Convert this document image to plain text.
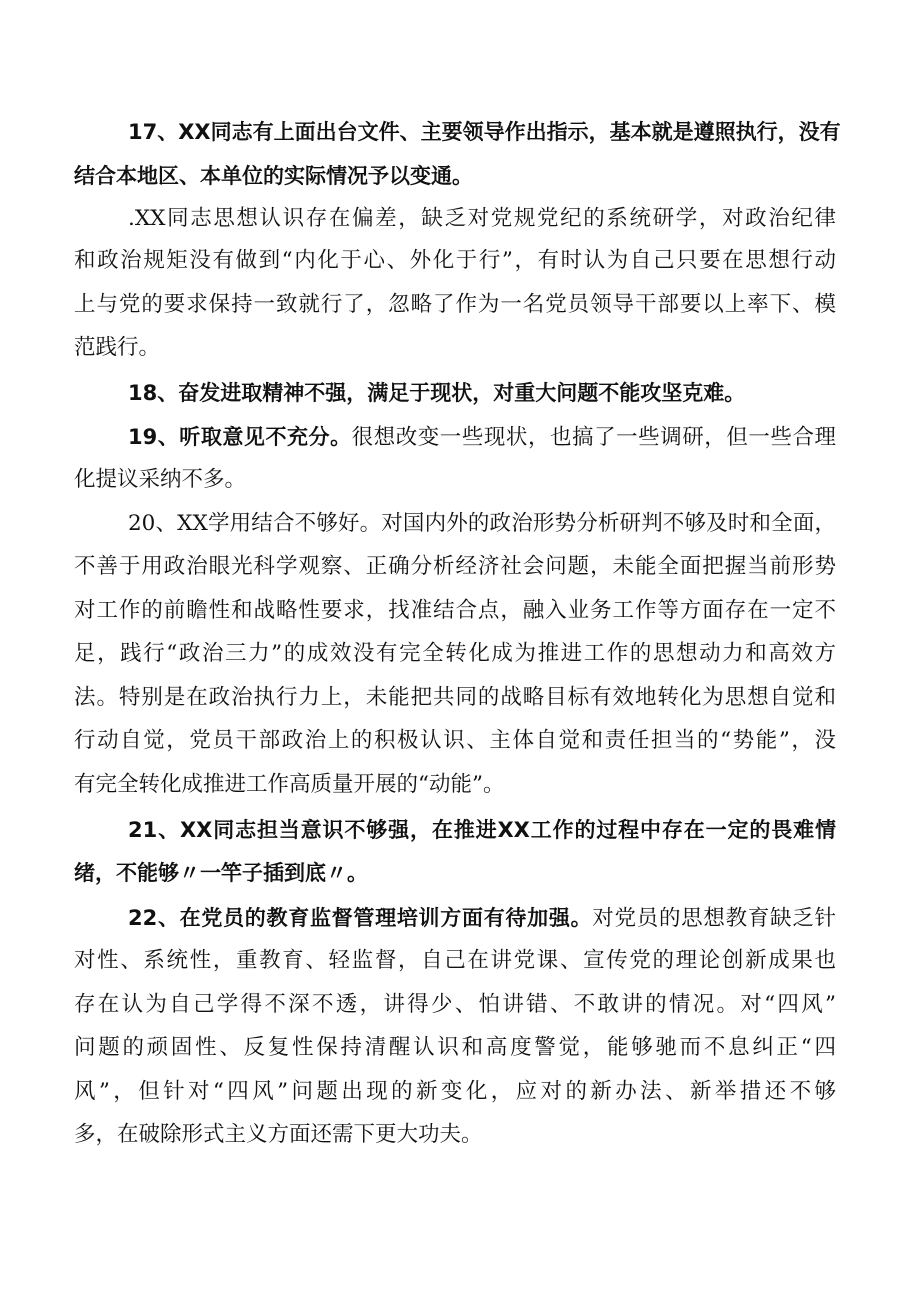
17、XX同志有上面出台文件、主要领导作出指示，基本就是遵照执行，没有
结合本地区、本单位的实际情况予以变通。
.XX同志思想认识存在偏差，缺乏对党规党纪的系统研学，对政治纪律
和政治规矩没有做到“内化于心、外化于行”，有时认为自己只要在思想行动
上与党的要求保持一致就行了，忽略了作为一名党员领导干部要以上率下、模
范践行。
18、奋发进取精神不强，满足于现状，对重大问题不能攻坚克难。
19、听取意见不充分。很想改变一些现状，也搞了一些调研，但一些合理
化提议采纳不多。
20、XX学用结合不够好。对国内外的政治形势分析研判不够及时和全面，
不善于用政治眼光科学观察、正确分析经济社会问题，未能全面把握当前形势
对工作的前瞻性和战略性要求，找准结合点，融入业务工作等方面存在一定不
足，践行“政治三力”的成效没有完全转化成为推进工作的思想动力和高效方
法。特别是在政治执行力上，未能把共同的战略目标有效地转化为思想自觉和
行动自觉，党员干部政治上的积极认识、主体自觉和责任担当的“势能”，没
有完全转化成推进工作高质量开展的“动能”。
21、XX同志担当意识不够强，在推进XX工作的过程中存在一定的畏难情
绪，不能够〃一竿子插到底〃。
22、在党员的教育监督管理培训方面有待加强。对党员的思想教育缺乏针
对性、系统性，重教育、轻监督，自己在讲党课、宣传党的理论创新成果也
存在认为自己学得不深不透，讲得少、怕讲错、不敢讲的情况。对“四风”
问题的顽固性、反复性保持清醒认识和高度警觉，能够驰而不息纠正“四
风”，但针对“四风”问题出现的新变化，应对的新办法、新举措还不够
多，在破除形式主义方面还需下更大功夫。
